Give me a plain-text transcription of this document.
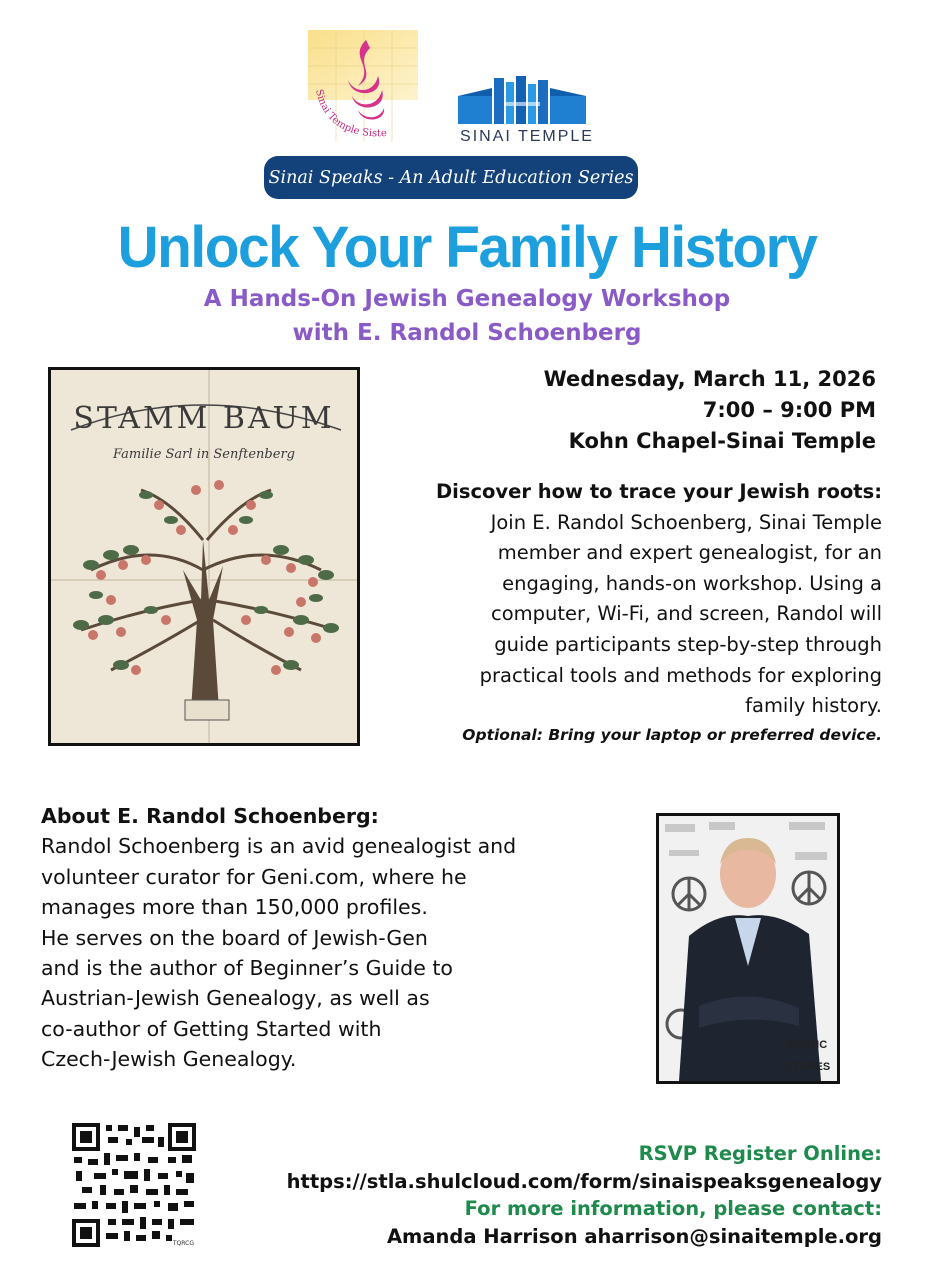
Sinai Temple Siste	SINAI TEMPLE
Sinai Speaks - An Adult Education Series
Unlock Your Family History
A Hands-On Jewish Genealogy Workshop
with E. Randol Schoenberg
STAMM BAUM
Familie Sarl in Senftenberg
Wednesday, March 11, 2026
7:00 – 9:00 PM
Kohn Chapel-Sinai Temple
Discover how to trace your Jewish roots:
Join E. Randol Schoenberg, Sinai Temple
member and expert genealogist, for an
engaging, hands-on workshop. Using a
computer, Wi-Fi, and screen, Randol will
guide participants step-by-step through
practical tools and methods for exploring
family history.
Optional: Bring your laptop or preferred device.
About E. Randol Schoenberg:
Randol Schoenberg is an avid genealogist and
volunteer curator for Geni.com, where he
manages more than 150,000 profiles.
He serves on the board of Jewish-Gen
and is the author of Beginner’s Guide to
Austrian-Jewish Genealogy, as well as
co-author of Getting Started with
Czech-Jewish Genealogy.
GANTIC
CTURES
TQRCG
RSVP Register Online:
https://stla.shulcloud.com/form/sinaispeaksgenealogy
For more information, please contact:
Amanda Harrison aharrison@sinaitemple.org
